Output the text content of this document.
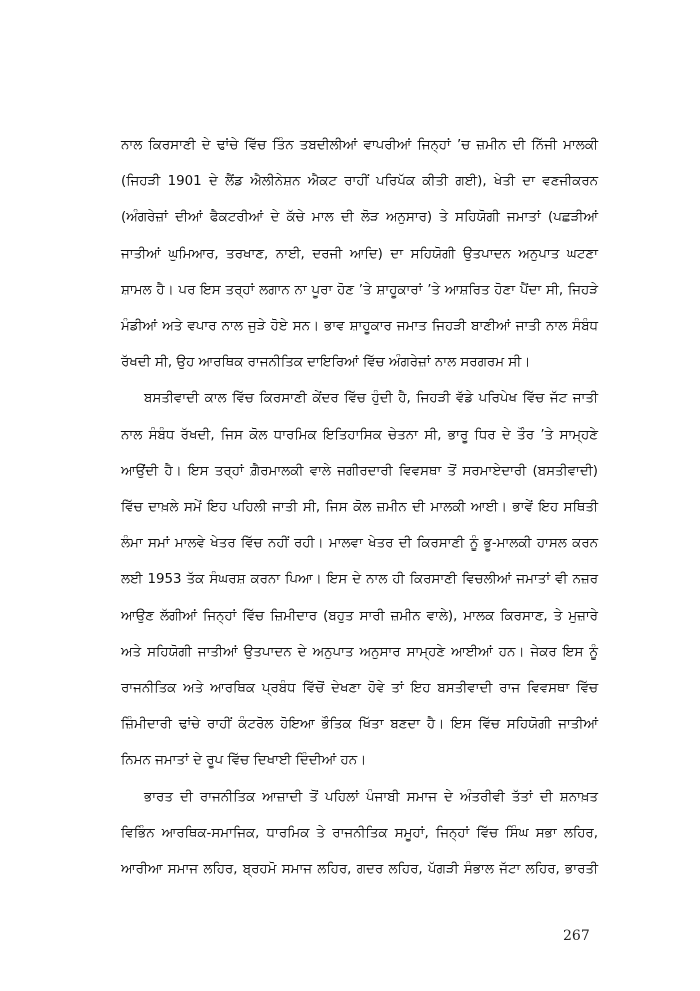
ਨਾਲ ਕਿਰਸਾਣੀ ਦੇ ਢਾਂਚੇ ਵਿੱਚ ਤਿੰਨ ਤਬਦੀਲੀਆਂ ਵਾਪਰੀਆਂ ਜਿਨ੍ਹਾਂ ’ਚ ਜ਼ਮੀਨ ਦੀ ਨਿੱਜੀ ਮਾਲਕੀ (ਜਿਹੜੀ 1901 ਦੇ ਲੈਂਡ ਐਲੀਨੇਸ਼ਨ ਐਕਟ ਰਾਹੀਂ ਪਰਿਪੱਕ ਕੀਤੀ ਗਈ), ਖੇਤੀ ਦਾ ਵਣਜੀਕਰਨ (ਅੰਗਰੇਜ਼ਾਂ ਦੀਆਂ ਫੈਕਟਰੀਆਂ ਦੇ ਕੱਚੇ ਮਾਲ ਦੀ ਲੋੜ ਅਨੁਸਾਰ) ਤੇ ਸਹਿਯੋਗੀ ਜਮਾਤਾਂ (ਪਛੜੀਆਂ ਜਾਤੀਆਂ ਘੁਮਿਆਰ, ਤਰਖਾਣ, ਨਾਈ, ਦਰਜੀ ਆਦਿ) ਦਾ ਸਹਿਯੋਗੀ ਉਤਪਾਦਨ ਅਨੁਪਾਤ ਘਟਣਾ ਸ਼ਾਮਲ ਹੈ। ਪਰ ਇਸ ਤਰ੍ਹਾਂ ਲਗਾਨ ਨਾ ਪੂਰਾ ਹੋਣ ’ਤੇ ਸ਼ਾਹੂਕਾਰਾਂ ’ਤੇ ਆਸ਼ਰਿਤ ਹੋਣਾ ਪੈਂਦਾ ਸੀ, ਜਿਹੜੇ ਮੰਡੀਆਂ ਅਤੇ ਵਪਾਰ ਨਾਲ ਜੁੜੇ ਹੋਏ ਸਨ। ਭਾਵ ਸ਼ਾਹੂਕਾਰ ਜਮਾਤ ਜਿਹੜੀ ਬਾਣੀਆਂ ਜਾਤੀ ਨਾਲ ਸੰਬੰਧ ਰੱਖਦੀ ਸੀ, ਉਹ ਆਰਥਿਕ ਰਾਜਨੀਤਿਕ ਦਾਇਰਿਆਂ ਵਿੱਚ ਅੰਗਰੇਜ਼ਾਂ ਨਾਲ ਸਰਗਰਮ ਸੀ।

ਬਸਤੀਵਾਦੀ ਕਾਲ ਵਿੱਚ ਕਿਰਸਾਣੀ ਕੇਂਦਰ ਵਿੱਚ ਹੁੰਦੀ ਹੈ, ਜਿਹੜੀ ਵੱਡੇ ਪਰਿਪੇਖ ਵਿੱਚ ਜੱਟ ਜਾਤੀ ਨਾਲ ਸੰਬੰਧ ਰੱਖਦੀ, ਜਿਸ ਕੋਲ ਧਾਰਮਿਕ ਇਤਿਹਾਸਿਕ ਚੇਤਨਾ ਸੀ, ਭਾਰੂ ਧਿਰ ਦੇ ਤੌਰ ’ਤੇ ਸਾਮ੍ਹਣੇ ਆਉਂਦੀ ਹੈ। ਇਸ ਤਰ੍ਹਾਂ ਗ਼ੈਰਮਾਲਕੀ ਵਾਲੇ ਜਗੀਰਦਾਰੀ ਵਿਵਸਥਾ ਤੋਂ ਸਰਮਾਏਦਾਰੀ (ਬਸਤੀਵਾਦੀ) ਵਿੱਚ ਦਾਖ਼ਲੇ ਸਮੇਂ ਇਹ ਪਹਿਲੀ ਜਾਤੀ ਸੀ, ਜਿਸ ਕੋਲ ਜ਼ਮੀਨ ਦੀ ਮਾਲਕੀ ਆਈ। ਭਾਵੇਂ ਇਹ ਸਥਿਤੀ ਲੰਮਾ ਸਮਾਂ ਮਾਲਵੇ ਖੇਤਰ ਵਿੱਚ ਨਹੀਂ ਰਹੀ। ਮਾਲਵਾ ਖੇਤਰ ਦੀ ਕਿਰਸਾਣੀ ਨੂੰ ਭੂ-ਮਾਲਕੀ ਹਾਸਲ ਕਰਨ ਲਈ 1953 ਤੱਕ ਸੰਘਰਸ਼ ਕਰਨਾ ਪਿਆ। ਇਸ ਦੇ ਨਾਲ ਹੀ ਕਿਰਸਾਣੀ ਵਿਚਲੀਆਂ ਜਮਾਤਾਂ ਵੀ ਨਜ਼ਰ ਆਉਣ ਲੱਗੀਆਂ ਜਿਨ੍ਹਾਂ ਵਿੱਚ ਜ਼ਿਮੀਦਾਰ (ਬਹੁਤ ਸਾਰੀ ਜ਼ਮੀਨ ਵਾਲੇ), ਮਾਲਕ ਕਿਰਸਾਣ, ਤੇ ਮੁਜ਼ਾਰੇ ਅਤੇ ਸਹਿਯੋਗੀ ਜਾਤੀਆਂ ਉਤਪਾਦਨ ਦੇ ਅਨੁਪਾਤ ਅਨੁਸਾਰ ਸਾਮ੍ਹਣੇ ਆਈਆਂ ਹਨ। ਜੇਕਰ ਇਸ ਨੂੰ ਰਾਜਨੀਤਿਕ ਅਤੇ ਆਰਥਿਕ ਪ੍ਰਬੰਧ ਵਿੱਚੋਂ ਦੇਖਣਾ ਹੋਵੇ ਤਾਂ ਇਹ ਬਸਤੀਵਾਦੀ ਰਾਜ ਵਿਵਸਥਾ ਵਿੱਚ ਜ਼ਿੰਮੀਦਾਰੀ ਢਾਂਚੇ ਰਾਹੀਂ ਕੰਟਰੋਲ ਹੋਇਆ ਭੌਤਿਕ ਖਿੱਤਾ ਬਣਦਾ ਹੈ। ਇਸ ਵਿੱਚ ਸਹਿਯੋਗੀ ਜਾਤੀਆਂ ਨਿਮਨ ਜਮਾਤਾਂ ਦੇ ਰੂਪ ਵਿੱਚ ਦਿਖਾਈ ਦਿੰਦੀਆਂ ਹਨ।

ਭਾਰਤ ਦੀ ਰਾਜਨੀਤਿਕ ਆਜ਼ਾਦੀ ਤੋਂ ਪਹਿਲਾਂ ਪੰਜਾਬੀ ਸਮਾਜ ਦੇ ਅੰਤਰੀਵੀ ਤੱਤਾਂ ਦੀ ਸ਼ਨਾਖ਼ਤ ਵਿਭਿੰਨ ਆਰਥਿਕ-ਸਮਾਜਿਕ, ਧਾਰਮਿਕ ਤੇ ਰਾਜਨੀਤਿਕ ਸਮੂਹਾਂ, ਜਿਨ੍ਹਾਂ ਵਿੱਚ ਸਿੰਘ ਸਭਾ ਲਹਿਰ, ਆਰੀਆ ਸਮਾਜ ਲਹਿਰ, ਬ੍ਰਹਮੋ ਸਮਾਜ ਲਹਿਰ, ਗਦਰ ਲਹਿਰ, ਪੱਗੜੀ ਸੰਭਾਲ ਜੱਟਾ ਲਹਿਰ, ਭਾਰਤੀ

267
